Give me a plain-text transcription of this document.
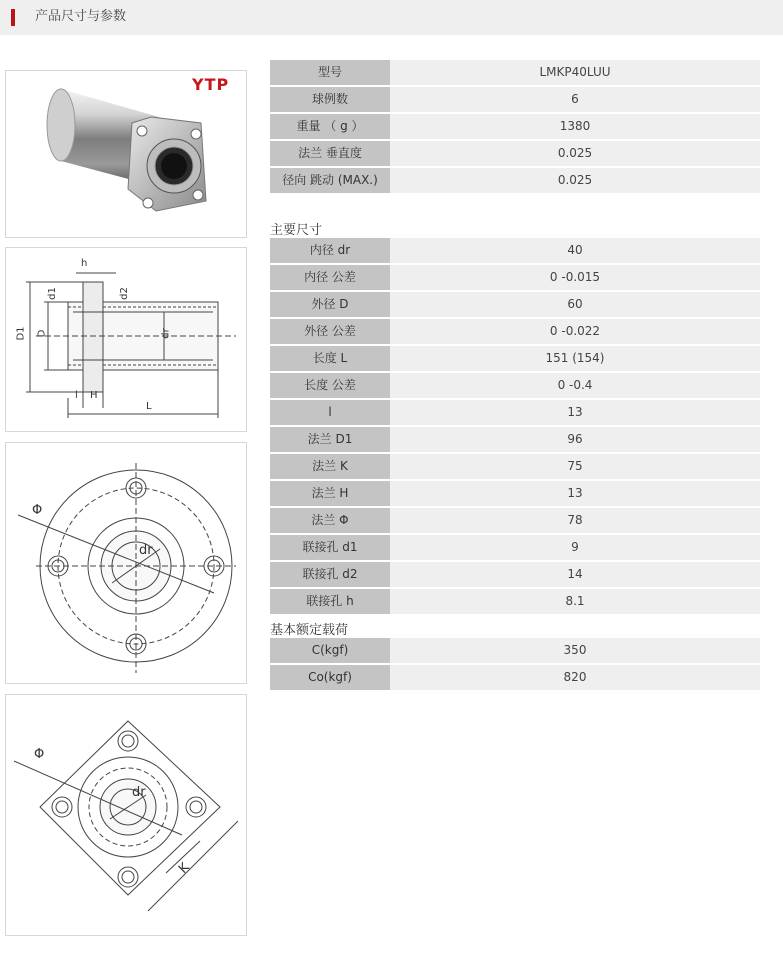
产品尺寸与参数
YTP
h
d1	d2
D1 D	dr
l H
L
Φ
dr
Φ
dr
K
型号	LMKP40LUU
球例数	6
重量 （ g ）	1380
法兰 垂直度	0.025
径向 跳动 (MAX.)	0.025
主要尺寸
内径 dr	40
内径 公差	0 -0.015
外径 D	60
外径 公差	0 -0.022
长度 L	151 (154)
长度 公差	0 -0.4
l	13
法兰 D1	96
法兰 K	75
法兰 H	13
法兰 Φ	78
联接孔 d1	9
联接孔 d2	14
联接孔 h	8.1
基本额定载荷
C(kgf)	350
Co(kgf)	820
